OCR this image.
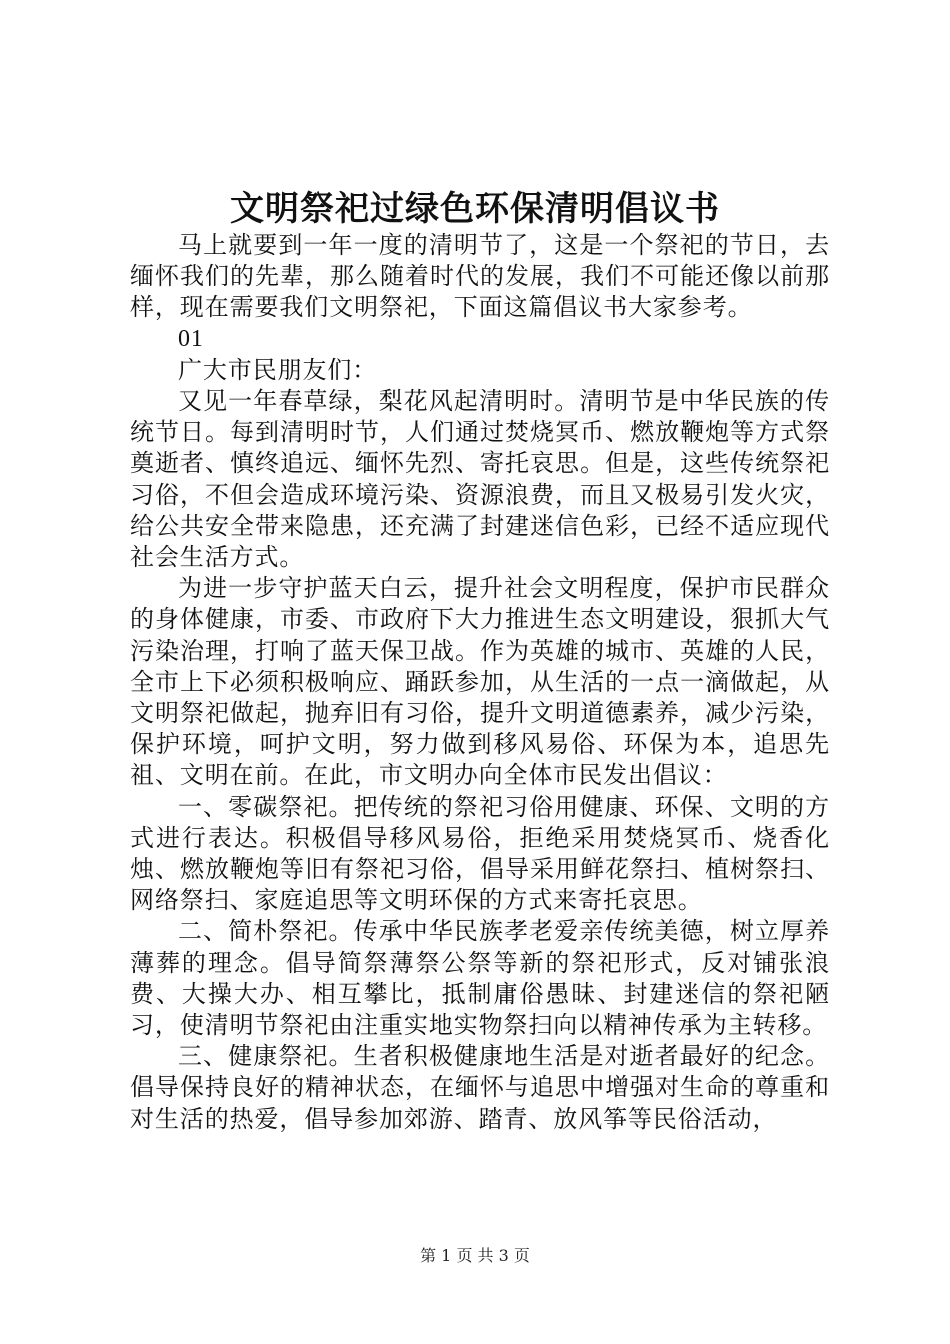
文明祭祀过绿色环保清明倡议书

马上就要到一年一度的清明节了，这是一个祭祀的节日，去缅怀我们的先辈，那么随着时代的发展，我们不可能还像以前那样，现在需要我们文明祭祀，下面这篇倡议书大家参考。

01

广大市民朋友们：

又见一年春草绿，梨花风起清明时。清明节是中华民族的传统节日。每到清明时节，人们通过焚烧冥币、燃放鞭炮等方式祭奠逝者、慎终追远、缅怀先烈、寄托哀思。但是，这些传统祭祀习俗，不但会造成环境污染、资源浪费，而且又极易引发火灾，给公共安全带来隐患，还充满了封建迷信色彩，已经不适应现代社会生活方式。

为进一步守护蓝天白云，提升社会文明程度，保护市民群众的身体健康，市委、市政府下大力推进生态文明建设，狠抓大气污染治理，打响了蓝天保卫战。作为英雄的城市、英雄的人民，全市上下必须积极响应、踊跃参加，从生活的一点一滴做起，从文明祭祀做起，抛弃旧有习俗，提升文明道德素养，减少污染，保护环境，呵护文明，努力做到移风易俗、环保为本，追思先祖、文明在前。在此，市文明办向全体市民发出倡议：

一、零碳祭祀。把传统的祭祀习俗用健康、环保、文明的方式进行表达。积极倡导移风易俗，拒绝采用焚烧冥币、烧香化烛、燃放鞭炮等旧有祭祀习俗，倡导采用鲜花祭扫、植树祭扫、网络祭扫、家庭追思等文明环保的方式来寄托哀思。

二、简朴祭祀。传承中华民族孝老爱亲传统美德，树立厚养薄葬的理念。倡导简祭薄祭公祭等新的祭祀形式，反对铺张浪费、大操大办、相互攀比，抵制庸俗愚昧、封建迷信的祭祀陋习，使清明节祭祀由注重实地实物祭扫向以精神传承为主转移。

三、健康祭祀。生者积极健康地生活是对逝者最好的纪念。倡导保持良好的精神状态，在缅怀与追思中增强对生命的尊重和对生活的热爱，倡导参加郊游、踏青、放风筝等民俗活动，

第 1 页 共 3 页
